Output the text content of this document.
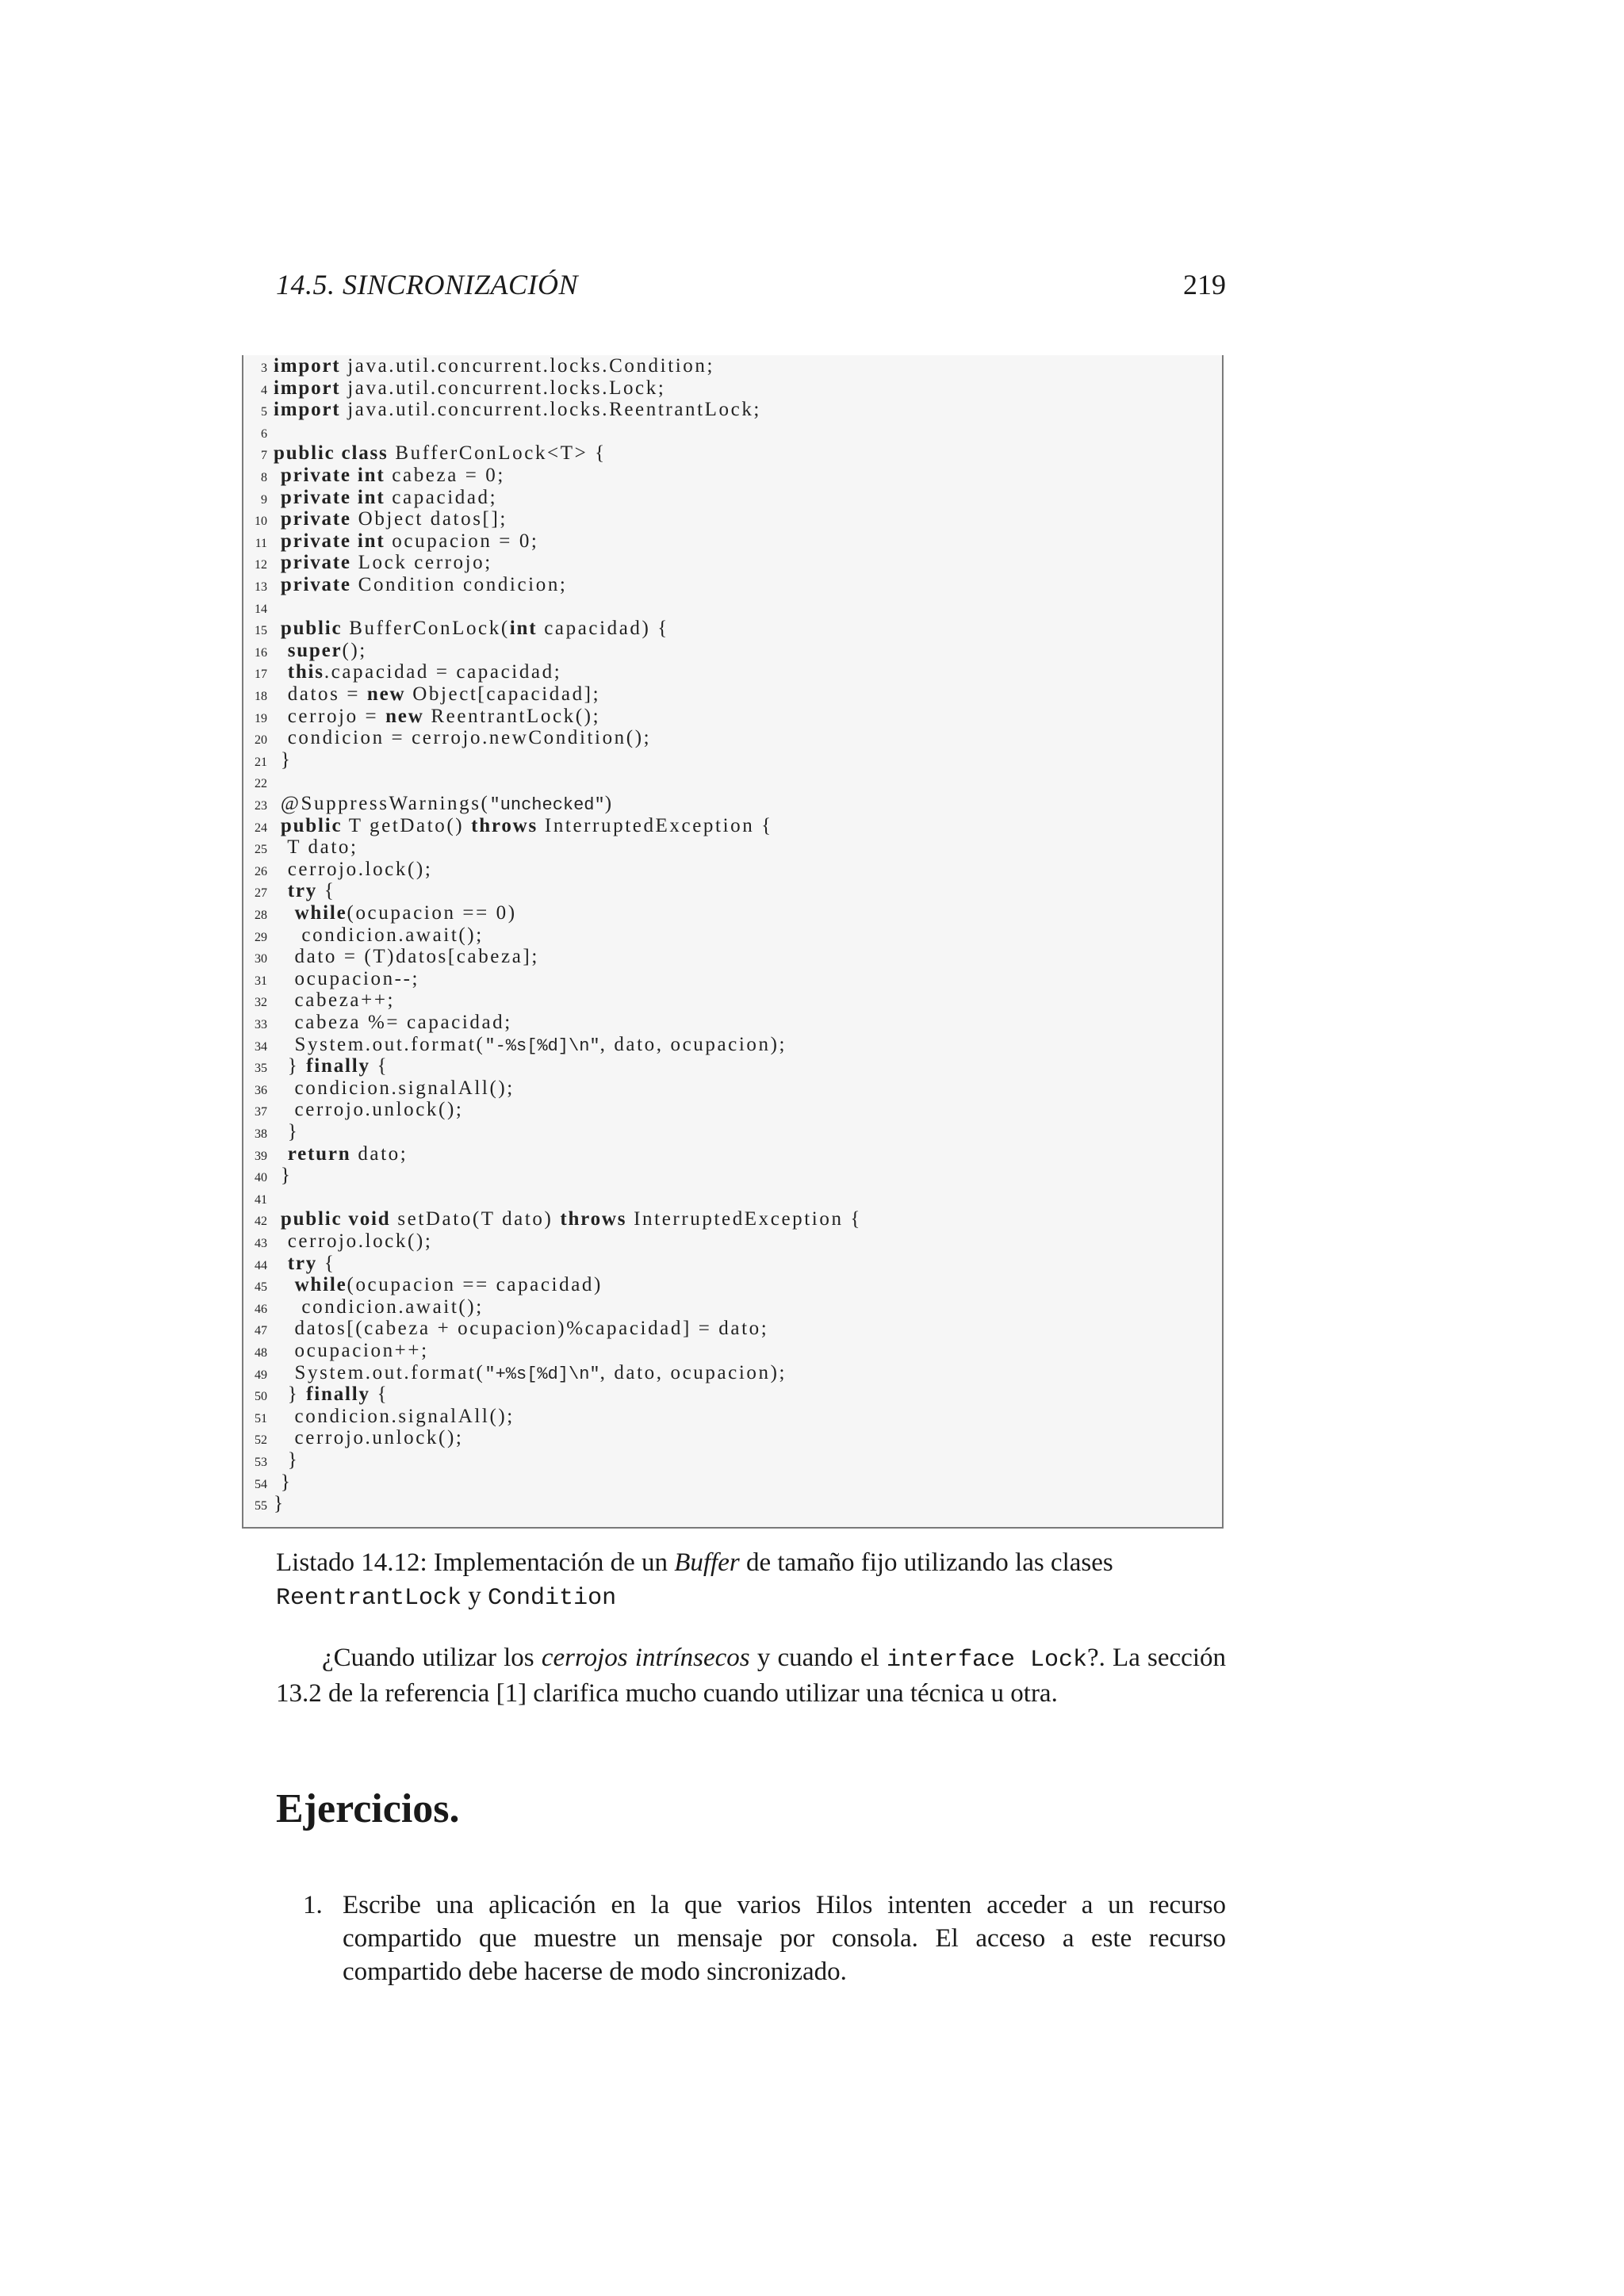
14.5. SINCRONIZACIÓN	219
3 import java.util.concurrent.locks.Condition;
4 import java.util.concurrent.locks.Lock;
5 import java.util.concurrent.locks.ReentrantLock;
6
7 public class BufferConLock<T> {
8 private int cabeza = 0;
9 private int capacidad;
10 private Object datos[];
11 private int ocupacion = 0;
12 private Lock cerrojo;
13 private Condition condicion;
14
15 public BufferConLock(int capacidad) {
16 super();
17 this.capacidad = capacidad;
18  datos = new Object[capacidad];
19  cerrojo = new ReentrantLock();
20  condicion = cerrojo.newCondition();
21 }
22
23 @SuppressWarnings("unchecked")
24 public T getDato() throws InterruptedException {
25  T dato;
26  cerrojo.lock();
27 try {
28 while(ocupacion == 0)
29    condicion.await();
30   dato = (T)datos[cabeza];
31   ocupacion--;
32   cabeza++;
33   cabeza %= capacidad;
34   System.out.format("-%s[%d]\n", dato, ocupacion);
35  } finally {
36   condicion.signalAll();
37   cerrojo.unlock();
38  }
39 return dato;
40 }
41
42 public void setDato(T dato) throws InterruptedException {
43  cerrojo.lock();
44 try {
45 while(ocupacion == capacidad)
46    condicion.await();
47   datos[(cabeza + ocupacion)%capacidad] = dato;
48   ocupacion++;
49   System.out.format("+%s[%d]\n", dato, ocupacion);
50  } finally {
51   condicion.signalAll();
52   cerrojo.unlock();
53  }
54 }
55 }
Listado 14.12: Implementación de un Buffer de tamaño fijo utilizando las clases
ReentrantLock y Condition
¿Cuando utilizar los cerrojos intrínsecos y cuando el interface Lock?. La sección 13.2 de la referencia [1] clarifica mucho cuando utilizar una técnica u otra.
Ejercicios.
1. Escribe una aplicación en la que varios Hilos intenten acceder a un recurso compartido que muestre un mensaje por consola. El acceso a este recurso compartido debe hacerse de modo sincronizado.
